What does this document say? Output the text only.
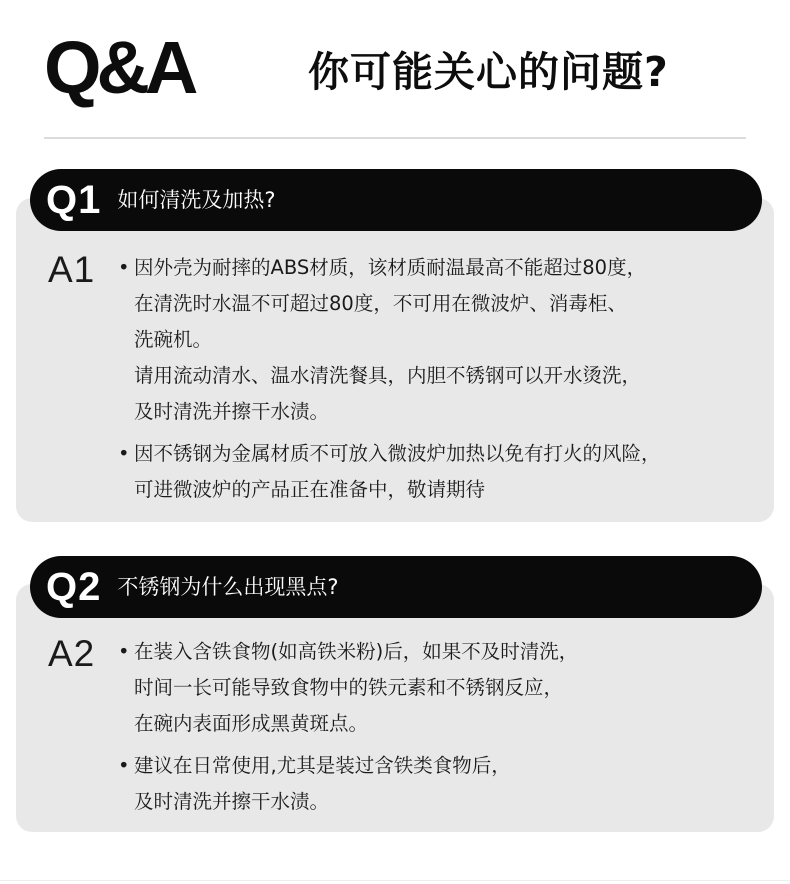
Q&A	你可能关心的问题?
Q1 如何清洗及加热?
A1	• 因外壳为耐摔的ABS材质，该材质耐温最高不能超过80度，
在清洗时水温不可超过80度，不可用在微波炉、消毒柜、
洗碗机。
请用流动清水、温水清洗餐具，内胆不锈钢可以开水烫洗，
及时清洗并擦干水渍。
• 因不锈钢为金属材质不可放入微波炉加热以免有打火的风险，
可进微波炉的产品正在准备中，敬请期待
Q2 不锈钢为什么出现黑点?
A2	• 在装入含铁食物(如高铁米粉)后，如果不及时清洗，
时间一长可能导致食物中的铁元素和不锈钢反应，
在碗内表面形成黑黄斑点。
• 建议在日常使用,尤其是装过含铁类食物后，
及时清洗并擦干水渍。
